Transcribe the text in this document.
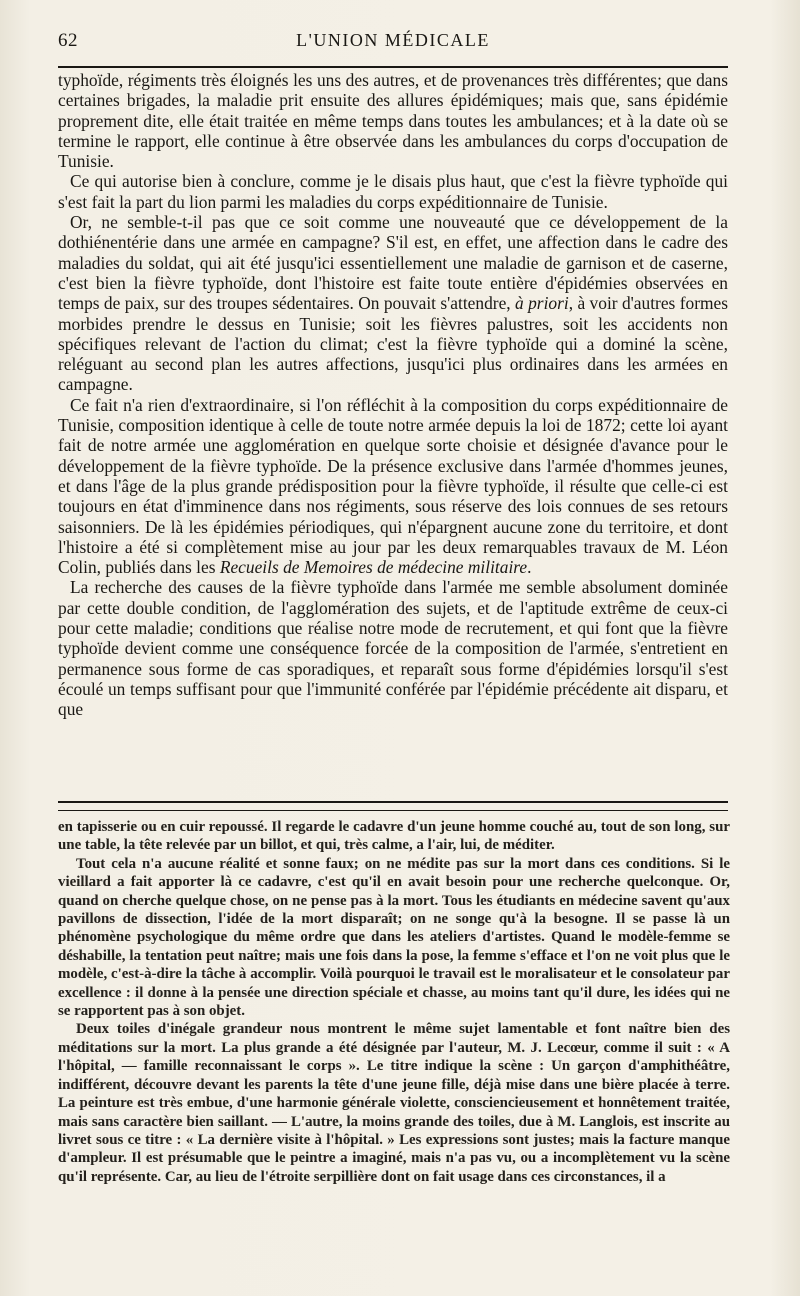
62	L'UNION MÉDICALE

typhoïde, régiments très éloignés les uns des autres, et de provenances très différentes; que dans certaines brigades, la maladie prit ensuite des allures épidémiques; mais que, sans épidémie proprement dite, elle était traitée en même temps dans toutes les ambulances; et à la date où se termine le rapport, elle continue à être observée dans les ambulances du corps d'occupation de Tunisie.

Ce qui autorise bien à conclure, comme je le disais plus haut, que c'est la fièvre typhoïde qui s'est fait la part du lion parmi les maladies du corps expéditionnaire de Tunisie.

Or, ne semble-t-il pas que ce soit comme une nouveauté que ce développement de la dothiénentérie dans une armée en campagne? S'il est, en effet, une affection dans le cadre des maladies du soldat, qui ait été jusqu'ici essentiellement une maladie de garnison et de caserne, c'est bien la fièvre typhoïde, dont l'histoire est faite toute entière d'épidémies observées en temps de paix, sur des troupes sédentaires. On pouvait s'attendre, à priori, à voir d'autres formes morbides prendre le dessus en Tunisie; soit les fièvres palustres, soit les accidents non spécifiques relevant de l'action du climat; c'est la fièvre typhoïde qui a dominé la scène, reléguant au second plan les autres affections, jusqu'ici plus ordinaires dans les armées en campagne.

Ce fait n'a rien d'extraordinaire, si l'on réfléchit à la composition du corps expéditionnaire de Tunisie, composition identique à celle de toute notre armée depuis la loi de 1872; cette loi ayant fait de notre armée une agglomération en quelque sorte choisie et désignée d'avance pour le développement de la fièvre typhoïde. De la présence exclusive dans l'armée d'hommes jeunes, et dans l'âge de la plus grande prédisposition pour la fièvre typhoïde, il résulte que celle-ci est toujours en état d'imminence dans nos régiments, sous réserve des lois connues de ses retours saisonniers. De là les épidémies périodiques, qui n'épargnent aucune zone du territoire, et dont l'histoire a été si complètement mise au jour par les deux remarquables travaux de M. Léon Colin, publiés dans les Recueils de Memoires de médecine militaire.

La recherche des causes de la fièvre typhoïde dans l'armée me semble absolument dominée par cette double condition, de l'agglomération des sujets, et de l'aptitude extrême de ceux-ci pour cette maladie; conditions que réalise notre mode de recrutement, et qui font que la fièvre typhoïde devient comme une conséquence forcée de la composition de l'armée, s'entretient en permanence sous forme de cas sporadiques, et reparaît sous forme d'épidémies lorsqu'il s'est écoulé un temps suffisant pour que l'immunité conférée par l'épidémie précédente ait disparu, et que

en tapisserie ou en cuir repoussé. Il regarde le cadavre d'un jeune homme couché au, tout de son long, sur une table, la tête relevée par un billot, et qui, très calme, a l'air, lui, de méditer.

Tout cela n'a aucune réalité et sonne faux; on ne médite pas sur la mort dans ces conditions. Si le vieillard a fait apporter là ce cadavre, c'est qu'il en avait besoin pour une recherche quelconque. Or, quand on cherche quelque chose, on ne pense pas à la mort. Tous les étudiants en médecine savent qu'aux pavillons de dissection, l'idée de la mort disparaît; on ne songe qu'à la besogne. Il se passe là un phénomène psychologique du même ordre que dans les ateliers d'artistes. Quand le modèle-femme se déshabille, la tentation peut naître; mais une fois dans la pose, la femme s'efface et l'on ne voit plus que le modèle, c'est-à-dire la tâche à accomplir. Voilà pourquoi le travail est le moralisateur et le consolateur par excellence : il donne à la pensée une direction spéciale et chasse, au moins tant qu'il dure, les idées qui ne se rapportent pas à son objet.

Deux toiles d'inégale grandeur nous montrent le même sujet lamentable et font naître bien des méditations sur la mort. La plus grande a été désignée par l'auteur, M. J. Lecœur, comme il suit : « A l'hôpital, — famille reconnaissant le corps ». Le titre indique la scène : Un garçon d'amphithéâtre, indifférent, découvre devant les parents la tête d'une jeune fille, déjà mise dans une bière placée à terre. La peinture est très embue, d'une harmonie générale violette, consciencieusement et honnêtement traitée, mais sans caractère bien saillant. — L'autre, la moins grande des toiles, due à M. Langlois, est inscrite au livret sous ce titre : « La dernière visite à l'hôpital. » Les expressions sont justes; mais la facture manque d'ampleur. Il est présumable que le peintre a imaginé, mais n'a pas vu, ou a incomplètement vu la scène qu'il représente. Car, au lieu de l'étroite serpillière dont on fait usage dans ces circonstances, il a
